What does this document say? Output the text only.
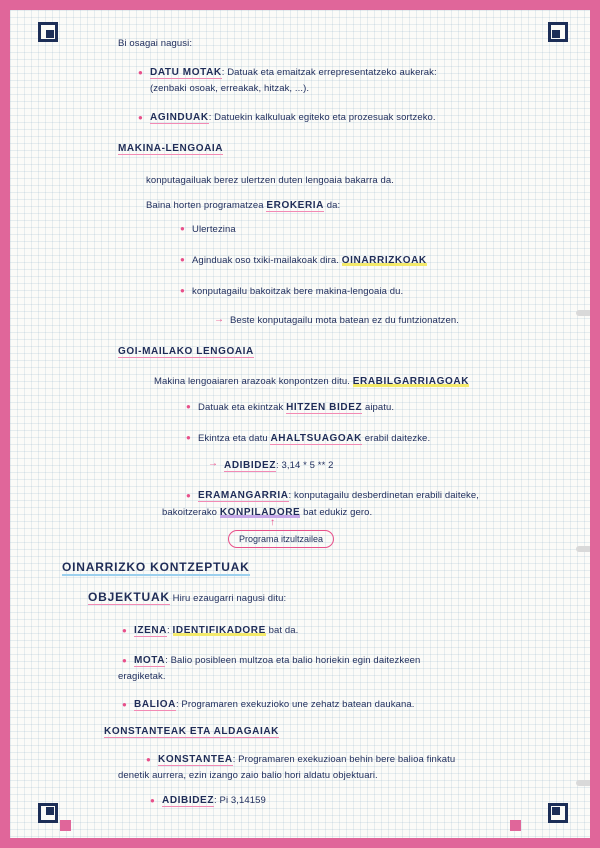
Bi osagai nagusi:
● DATU MOTAK: Datuak eta emaitzak errepresentatzeko aukerak:
(zenbaki osoak, erreakak, hitzak, ...).
● AGINDUAK: Datuekin kalkuluak egiteko eta prozesuak sortzeko.
MAKINA-LENGOAIA
konputagailuak berez ulertzen duten lengoaia bakarra da.
Baina horten programatzea EROKERIA da:
● Ulertezina
● Aginduak oso txiki-mailakoak dira. OINARRIZKOAK
● konputagailu bakoitzak bere makina-lengoaia du.
→ Beste konputagailu mota batean ez du funtzionatzen.
GOI-MAILAKO LENGOAIA
Makina lengoaiaren arazoak konpontzen ditu. ERABILGARRIAGOAK
● Datuak eta ekintzak HITZEN BIDEZ aipatu.
● Ekintza eta datu AHALTSUAGOAK erabil daitezke.
→ ADIBIDEZ: 3,14 * 5 ** 2
● ERAMANGARRIA: konputagailu desberdinetan erabili daiteke,
bakoitzerako KONPILADORE bat edukiz gero.
↑
Programa itzultzailea
OINARRIZKO KONTZEPTUAK
OBJEKTUAK Hiru ezaugarri nagusi ditu:
● IZENA: IDENTIFIKADORE bat da.
● MOTA: Balio posibleen multzoa eta balio horiekin egin daitezkeen
eragiketak.
● BALIOA: Programaren exekuzioko une zehatz batean daukana.
KONSTANTEAK ETA ALDAGAIAK
● KONSTANTEA: Programaren exekuzioan behin bere balioa finkatu
denetik aurrera, ezin izango zaio balio hori aldatu objektuari.
● ADIBIDEZ: Pi 3,14159
